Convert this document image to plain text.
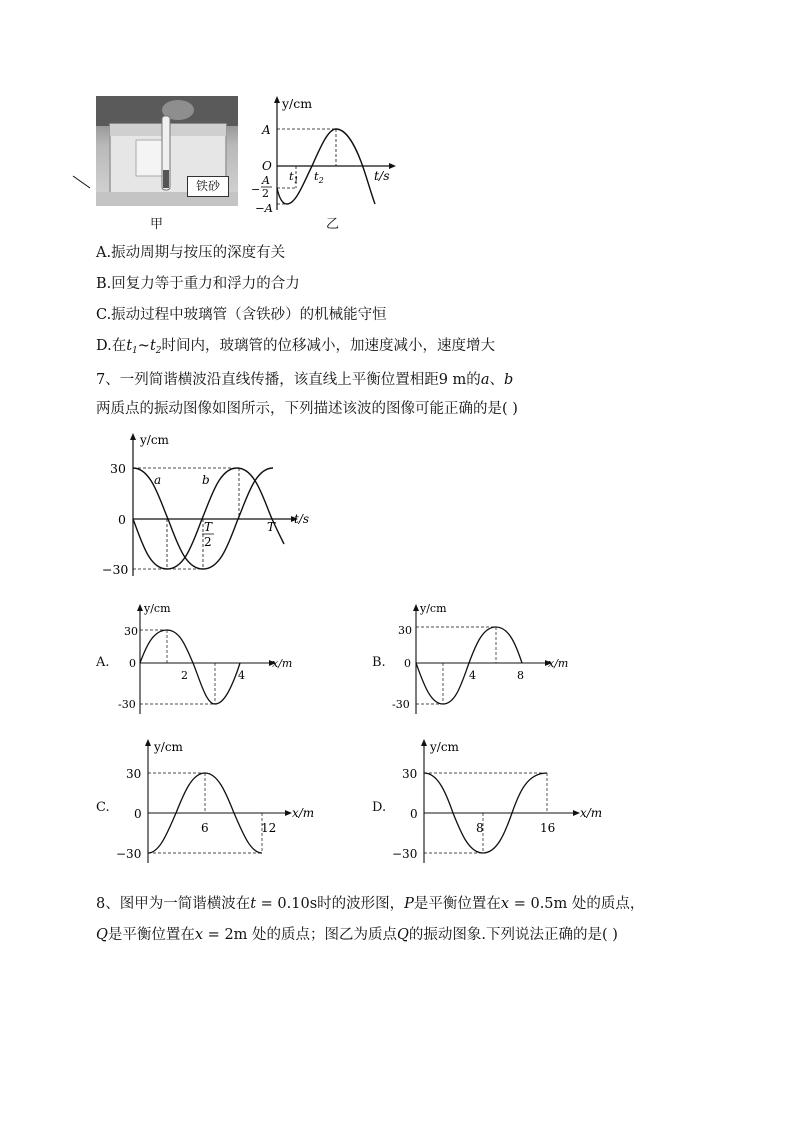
铁砂
甲
y/cm
t/s
A
O
A
− 2
−A
$t_1$ $t_2$
乙
A.振动周期与按压的深度有关
B.回复力等于重力和浮力的合力
C.振动过程中玻璃管（含铁砂）的机械能守恒
D.在$t_1\sim t_2$时间内，玻璃管的位移减小，加速度减小，速度增大
7、一列简谐横波沿直线传播，该直线上平衡位置相距9 m的a、b
两质点的振动图像如图所示，下列描述该波的图像可能正确的是( )
y/cm
t/s
30
0
−30
a	b
T
2
T
A.
y/cm
x/m
30
0
-30
2	4
B.
y/cm
x/m
30
0
-30
4	8
C.
y/cm
x/m
30
0
−30
6	12
D.
y/cm
x/m
30
0
−30
8	16
8、图甲为一简谐横波在t = 0.10s时的波形图，P是平衡位置在x = 0.5m 处的质点，
Q是平衡位置在x = 2m 处的质点；图乙为质点Q的振动图象.下列说法正确的是( )
